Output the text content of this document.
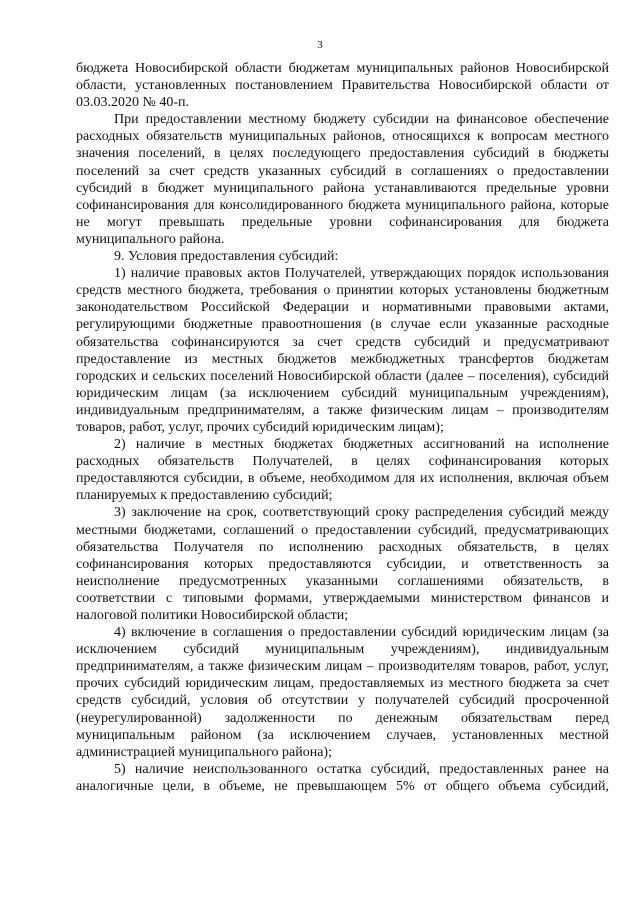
3

бюджета Новосибирской области бюджетам муниципальных районов Новосибирской области, установленных постановлением Правительства Новосибирской области от 03.03.2020 № 40-п.

При предоставлении местному бюджету субсидии на финансовое обеспечение расходных обязательств муниципальных районов, относящихся к вопросам местного значения поселений, в целях последующего предоставления субсидий в бюджеты поселений за счет средств указанных субсидий в соглашениях о предоставлении субсидий в бюджет муниципального района устанавливаются предельные уровни софинансирования для консолидированного бюджета муниципального района, которые не могут превышать предельные уровни софинансирования для бюджета муниципального района.

9. Условия предоставления субсидий:

1) наличие правовых актов Получателей, утверждающих порядок использования средств местного бюджета, требования о принятии которых установлены бюджетным законодательством Российской Федерации и нормативными правовыми актами, регулирующими бюджетные правоотношения (в случае если указанные расходные обязательства софинансируются за счет средств субсидий и предусматривают предоставление из местных бюджетов межбюджетных трансфертов бюджетам городских и сельских поселений Новосибирской области (далее – поселения), субсидий юридическим лицам (за исключением субсидий муниципальным учреждениям), индивидуальным предпринимателям, а также физическим лицам – производителям товаров, работ, услуг, прочих субсидий юридическим лицам);

2) наличие в местных бюджетах бюджетных ассигнований на исполнение расходных обязательств Получателей, в целях софинансирования которых предоставляются субсидии, в объеме, необходимом для их исполнения, включая объем планируемых к предоставлению субсидий;

3) заключение на срок, соответствующий сроку распределения субсидий между местными бюджетами, соглашений о предоставлении субсидий, предусматривающих обязательства Получателя по исполнению расходных обязательств, в целях софинансирования которых предоставляются субсидии, и ответственность за неисполнение предусмотренных указанными соглашениями обязательств, в соответствии с типовыми формами, утверждаемыми министерством финансов и налоговой политики Новосибирской области;

4) включение в соглашения о предоставлении субсидий юридическим лицам (за исключением субсидий муниципальным учреждениям), индивидуальным предпринимателям, а также физическим лицам – производителям товаров, работ, услуг, прочих субсидий юридическим лицам, предоставляемых из местного бюджета за счет средств субсидий, условия об отсутствии у получателей субсидий просроченной (неурегулированной) задолженности по денежным обязательствам перед муниципальным районом (за исключением случаев, установленных местной администрацией муниципального района);

5) наличие неиспользованного остатка субсидий, предоставленных ранее на аналогичные цели, в объеме, не превышающем 5% от общего объема субсидий,
